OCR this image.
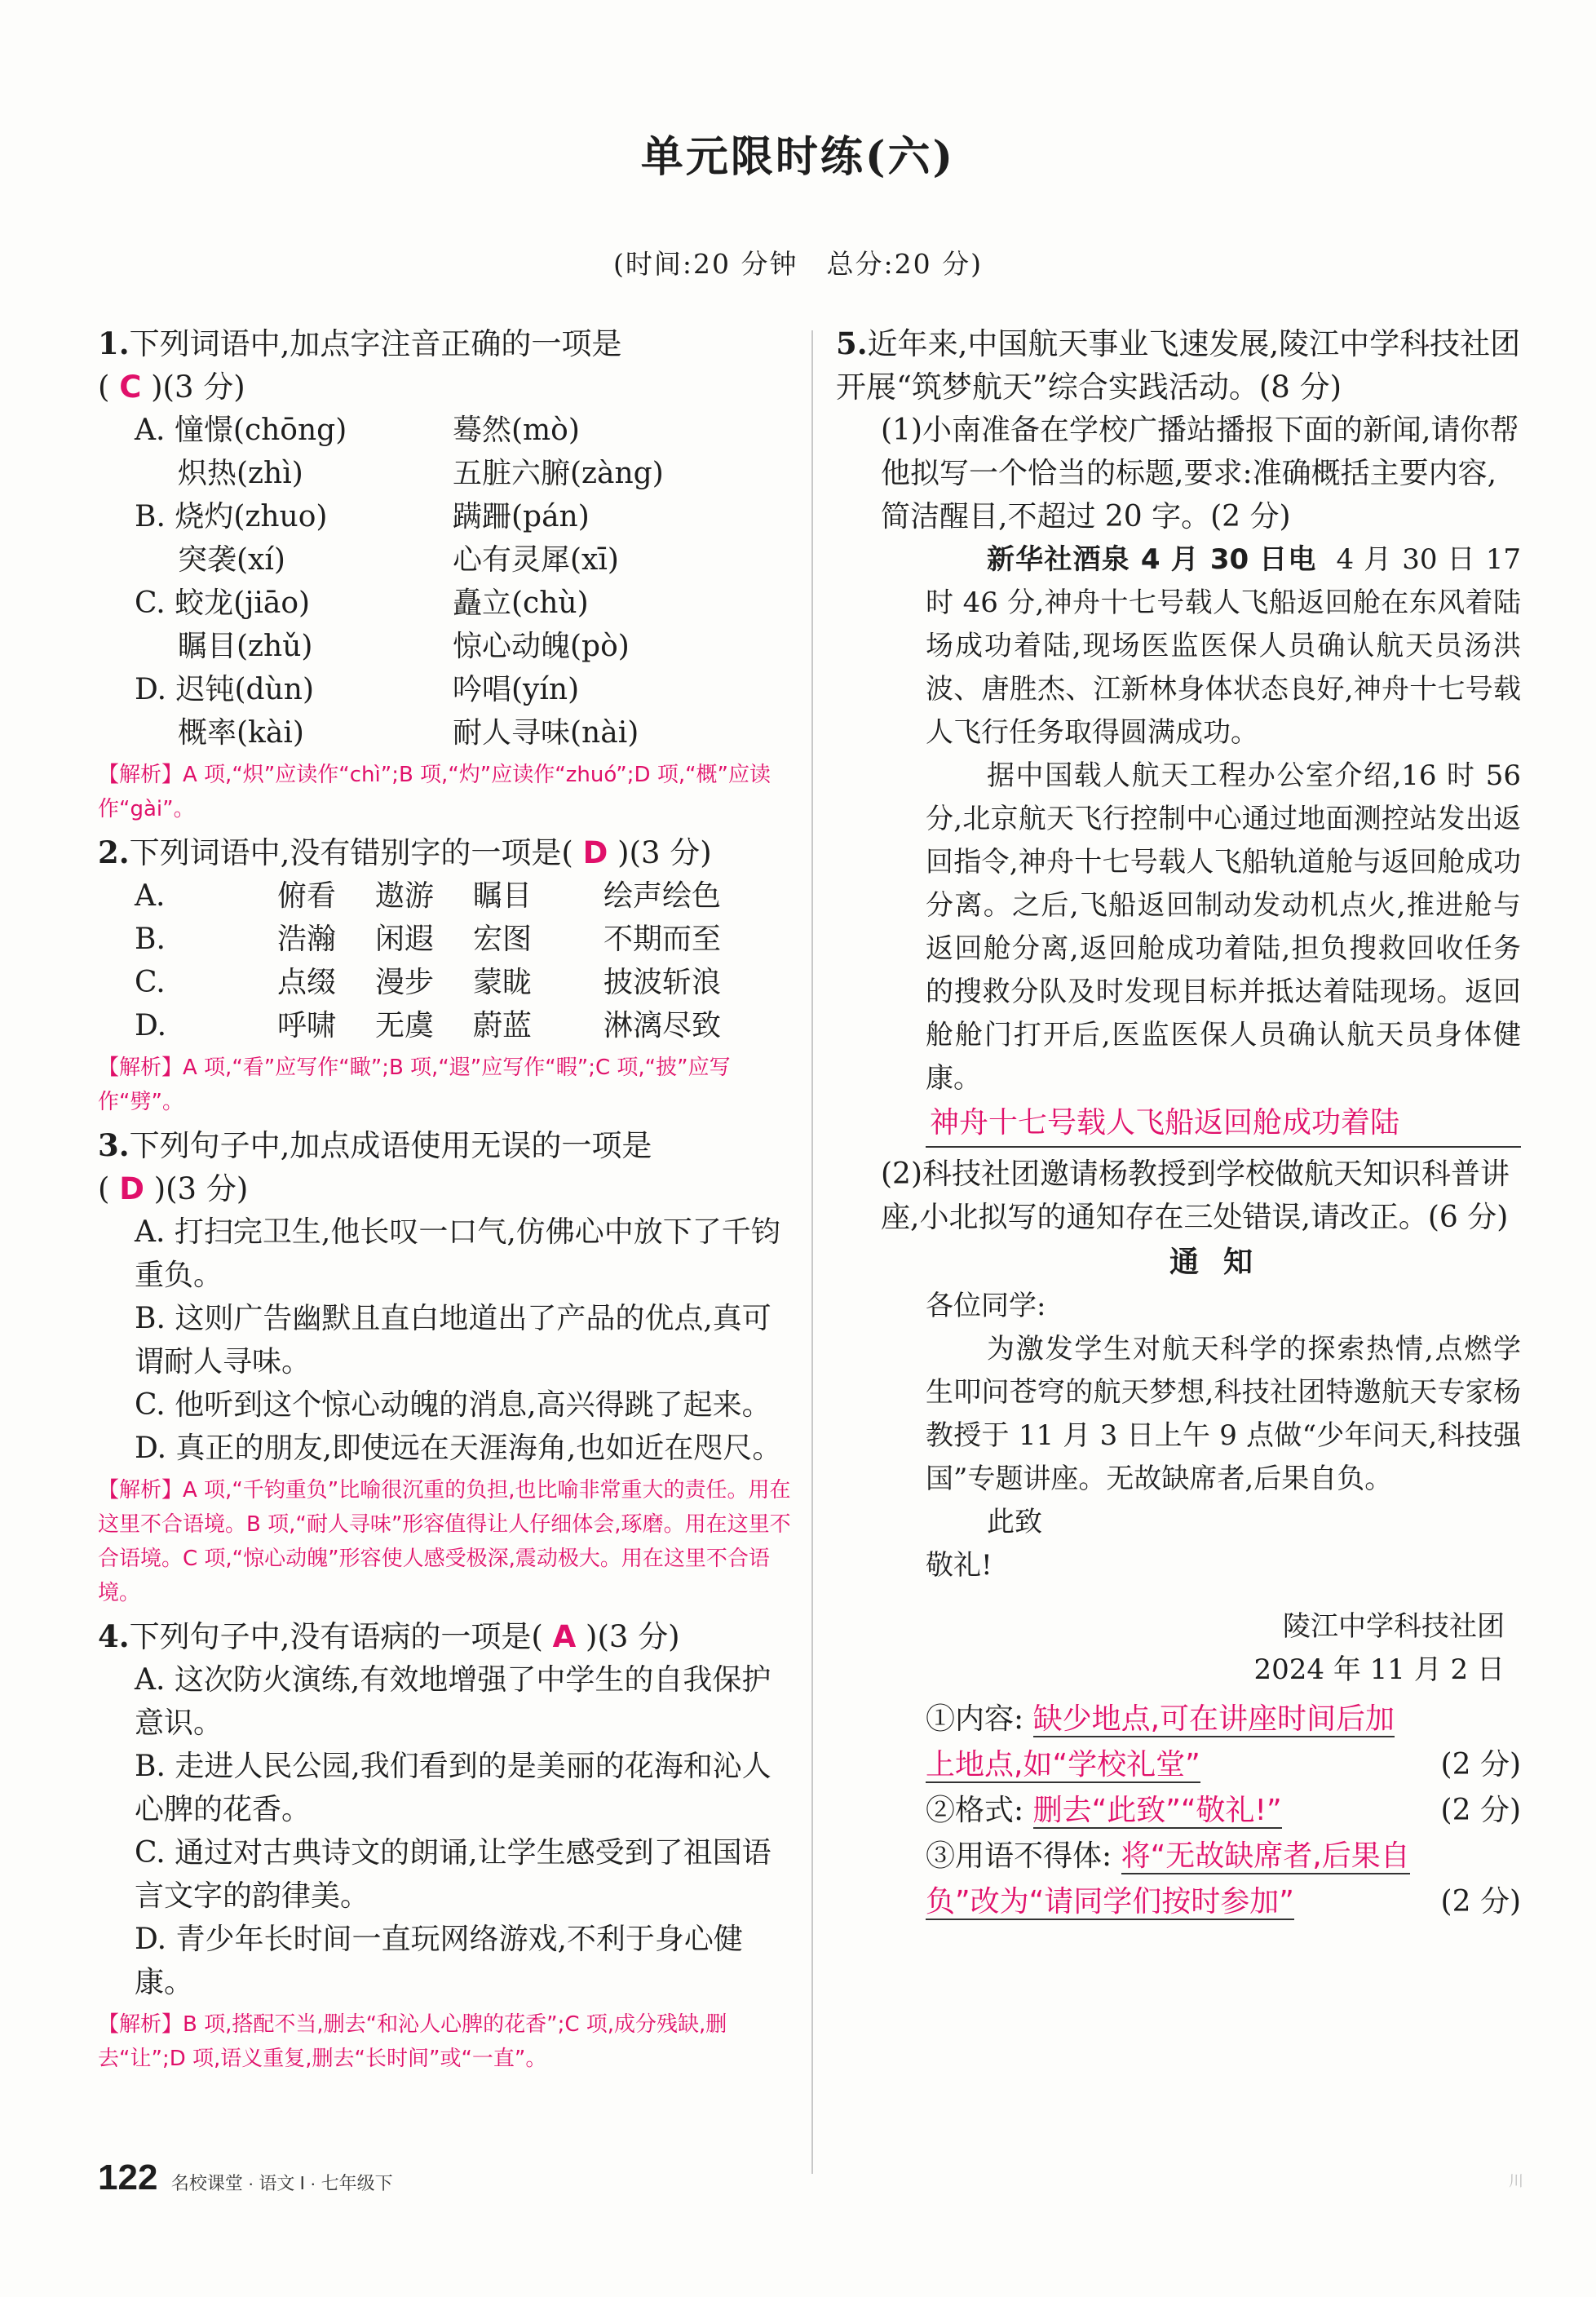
单元限时练(六)
(时间:20 分钟　总分:20 分)

1.下列词语中,加点字注音正确的一项是
( C )(3 分)

A. 憧憬(chōng)	蓦然(mò)
炽热(zhì)	五脏六腑(zàng)
B. 烧灼(zhuo)	蹒跚(pán)
突袭(xí)	心有灵犀(xī)
C. 蛟龙(jiāo)	矗立(chù)
瞩目(zhǔ)	惊心动魄(pò)
D. 迟钝(dùn)	吟唱(yín)
概率(kài)	耐人寻味(nài)

【解析】A 项,“炽”应读作“chì”;B 项,“灼”应读作“zhuó”;D 项,“概”应读作“gài”。

2.下列词语中,没有错别字的一项是( D )(3 分)

A.	俯看	遨游	瞩目	绘声绘色
B.	浩瀚	闲遐	宏图	不期而至
C.	点缀	漫步	蒙眬	披波斩浪
D.	呼啸	无虞	蔚蓝	淋漓尽致

【解析】A 项,“看”应写作“瞰”;B 项,“遐”应写作“暇”;C 项,“披”应写作“劈”。

3.下列句子中,加点成语使用无误的一项是
( D )(3 分)

A. 打扫完卫生,他长叹一口气,仿佛心中放下了千钧重负。

B. 这则广告幽默且直白地道出了产品的优点,真可谓耐人寻味。

C. 他听到这个惊心动魄的消息,高兴得跳了起来。

D. 真正的朋友,即使远在天涯海角,也如近在咫尺。

【解析】A 项,“千钧重负”比喻很沉重的负担,也比喻非常重大的责任。用在这里不合语境。B 项,“耐人寻味”形容值得让人仔细体会,琢磨。用在这里不合语境。C 项,“惊心动魄”形容使人感受极深,震动极大。用在这里不合语境。

4.下列句子中,没有语病的一项是( A )(3 分)

A. 这次防火演练,有效地增强了中学生的自我保护意识。

B. 走进人民公园,我们看到的是美丽的花海和沁人心脾的花香。

C. 通过对古典诗文的朗诵,让学生感受到了祖国语言文字的韵律美。

D. 青少年长时间一直玩网络游戏,不利于身心健康。

【解析】B 项,搭配不当,删去“和沁人心脾的花香”;C 项,成分残缺,删去“让”;D 项,语义重复,删去“长时间”或“一直”。

5.近年来,中国航天事业飞速发展,陵江中学科技社团开展“筑梦航天”综合实践活动。(8 分)

(1)小南准备在学校广播站播报下面的新闻,请你帮他拟写一个恰当的标题,要求:准确概括主要内容,简洁醒目,不超过 20 字。(2 分)

新华社酒泉 4 月 30 日电 4 月 30 日 17 时 46 分,神舟十七号载人飞船返回舱在东风着陆场成功着陆,现场医监医保人员确认航天员汤洪波、唐胜杰、江新林身体状态良好,神舟十七号载人飞行任务取得圆满成功。

据中国载人航天工程办公室介绍,16 时 56 分,北京航天飞行控制中心通过地面测控站发出返回指令,神舟十七号载人飞船轨道舱与返回舱成功分离。之后,飞船返回制动发动机点火,推进舱与返回舱分离,返回舱成功着陆,担负搜救回收任务的搜救分队及时发现目标并抵达着陆现场。返回舱舱门打开后,医监医保人员确认航天员身体健康。

神舟十七号载人飞船返回舱成功着陆

(2)科技社团邀请杨教授到学校做航天知识科普讲座,小北拟写的通知存在三处错误,请改正。(6 分)

通知

各位同学:

为激发学生对航天科学的探索热情,点燃学生叩问苍穹的航天梦想,科技社团特邀航天专家杨教授于 11 月 3 日上午 9 点做“少年问天,科技强国”专题讲座。无故缺席者,后果自负。

此致

敬礼!

陵江中学科技社团

2024 年 11 月 2 日

①内容: 缺少地点,可在讲座时间后加
上地点,如“学校礼堂”	(2 分)

②格式: 删去“此致”“敬礼!”	(2 分)

③用语不得体: 将“无故缺席者,后果自
负”改为“请同学们按时参加”	(2 分)

122 名校课堂 · 语文 Ⅰ · 七年级下	川
